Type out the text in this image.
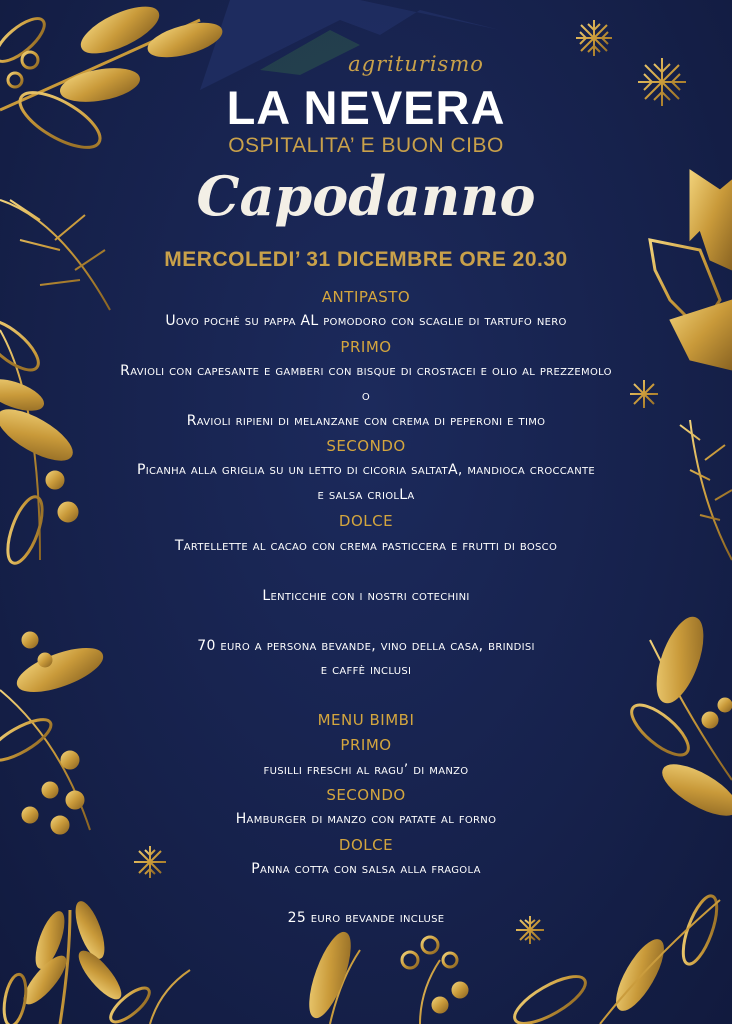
agriturismo
LA NEVERA
OSPITALITA’ E BUON CIBO
Capodanno
MERCOLEDI’ 31 DICEMBRE ORE 20.30
ANTIPASTO
Uovo pochè su pappa AL pomodoro con scaglie di tartufo nero
PRIMO
Ravioli con capesante e gamberi con bisque di crostacei e olio al prezzemolo
o
Ravioli ripieni di melanzane con crema di peperoni e timo
SECONDO
Picanha alla griglia su un letto di cicoria saltatA, mandioca croccante
e salsa criolLa
DOLCE
Tartellette al cacao con crema pasticcera e frutti di bosco
Lenticchie con i nostri cotechini
70 euro a persona bevande, vino della casa, brindisi
e caffè inclusi
MENU BIMBI
PRIMO
fusilli freschi al ragu’ di manzo
SECONDO
Hamburger di manzo con patate al forno
DOLCE
Panna cotta con salsa alla fragola
25 euro bevande incluse
